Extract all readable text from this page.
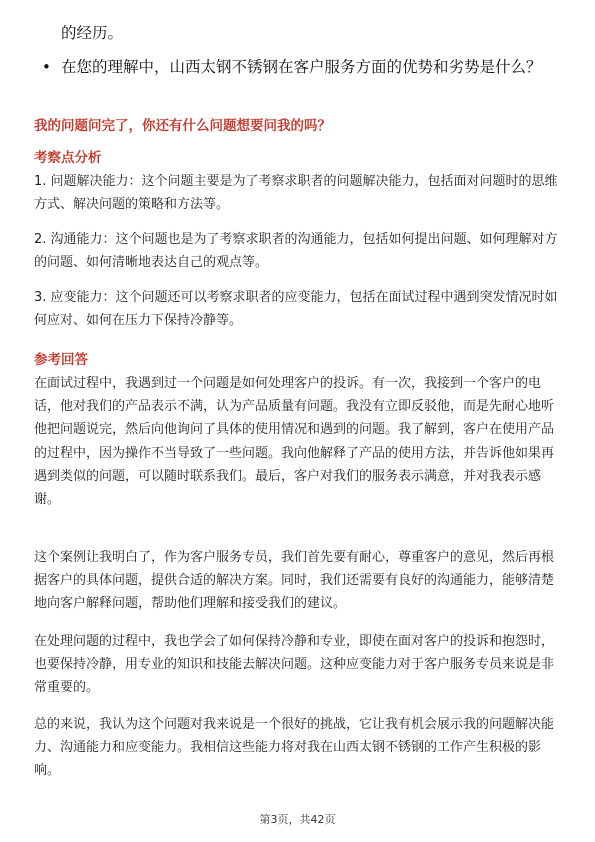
的经历。
• 在您的理解中，山西太钢不锈钢在客户服务方面的优势和劣势是什么？
我的问题问完了，你还有什么问题想要问我的吗？
考察点分析
1. 问题解决能力：这个问题主要是为了考察求职者的问题解决能力，包括面对问题时的思维方式、解决问题的策略和方法等。
2. 沟通能力：这个问题也是为了考察求职者的沟通能力，包括如何提出问题、如何理解对方的问题、如何清晰地表达自己的观点等。
3. 应变能力：这个问题还可以考察求职者的应变能力，包括在面试过程中遇到突发情况时如何应对、如何在压力下保持冷静等。
参考回答
在面试过程中，我遇到过一个问题是如何处理客户的投诉。有一次，我接到一个客户的电话，他对我们的产品表示不满，认为产品质量有问题。我没有立即反驳他，而是先耐心地听他把问题说完，然后向他询问了具体的使用情况和遇到的问题。我了解到，客户在使用产品的过程中，因为操作不当导致了一些问题。我向他解释了产品的使用方法，并告诉他如果再遇到类似的问题，可以随时联系我们。最后，客户对我们的服务表示满意，并对我表示感谢。
这个案例让我明白了，作为客户服务专员，我们首先要有耐心，尊重客户的意见，然后再根据客户的具体问题，提供合适的解决方案。同时，我们还需要有良好的沟通能力，能够清楚地向客户解释问题，帮助他们理解和接受我们的建议。
在处理问题的过程中，我也学会了如何保持冷静和专业，即使在面对客户的投诉和抱怨时，也要保持冷静，用专业的知识和技能去解决问题。这种应变能力对于客户服务专员来说是非常重要的。
总的来说，我认为这个问题对我来说是一个很好的挑战，它让我有机会展示我的问题解决能力、沟通能力和应变能力。我相信这些能力将对我在山西太钢不锈钢的工作产生积极的影响。
第3页，共42页
